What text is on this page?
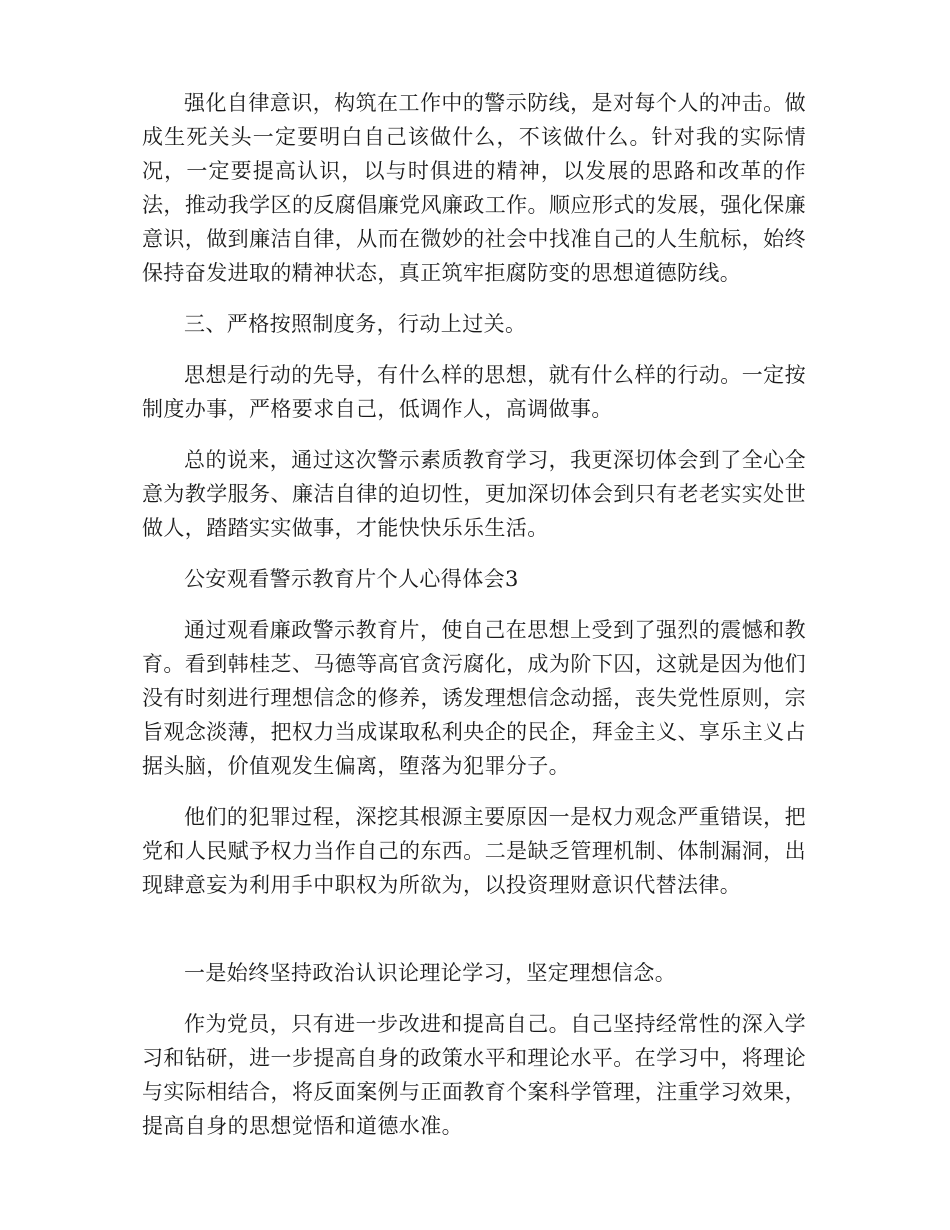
强化自律意识，构筑在工作中的警示防线，是对每个人的冲击。做成生死关头一定要明白自己该做什么，不该做什么。针对我的实际情况，一定要提高认识，以与时俱进的精神，以发展的思路和改革的作法，推动我学区的反腐倡廉党风廉政工作。顺应形式的发展，强化保廉意识，做到廉洁自律，从而在微妙的社会中找准自己的人生航标，始终保持奋发进取的精神状态，真正筑牢拒腐防变的思想道德防线。

三、严格按照制度务，行动上过关。

思想是行动的先导，有什么样的思想，就有什么样的行动。一定按制度办事，严格要求自己，低调作人，高调做事。

总的说来，通过这次警示素质教育学习，我更深切体会到了全心全意为教学服务、廉洁自律的迫切性，更加深切体会到只有老老实实处世做人，踏踏实实做事，才能快快乐乐生活。

公安观看警示教育片个人心得体会3

通过观看廉政警示教育片，使自己在思想上受到了强烈的震憾和教育。看到韩桂芝、马德等高官贪污腐化，成为阶下囚，这就是因为他们没有时刻进行理想信念的修养，诱发理想信念动摇，丧失党性原则，宗旨观念淡薄，把权力当成谋取私利央企的民企，拜金主义、享乐主义占据头脑，价值观发生偏离，堕落为犯罪分子。

他们的犯罪过程，深挖其根源主要原因一是权力观念严重错误，把党和人民赋予权力当作自己的东西。二是缺乏管理机制、体制漏洞，出现肆意妄为利用手中职权为所欲为，以投资理财意识代替法律。

一是始终坚持政治认识论理论学习，坚定理想信念。

作为党员，只有进一步改进和提高自己。自己坚持经常性的深入学习和钻研，进一步提高自身的政策水平和理论水平。在学习中，将理论与实际相结合，将反面案例与正面教育个案科学管理，注重学习效果，提高自身的思想觉悟和道德水准。
